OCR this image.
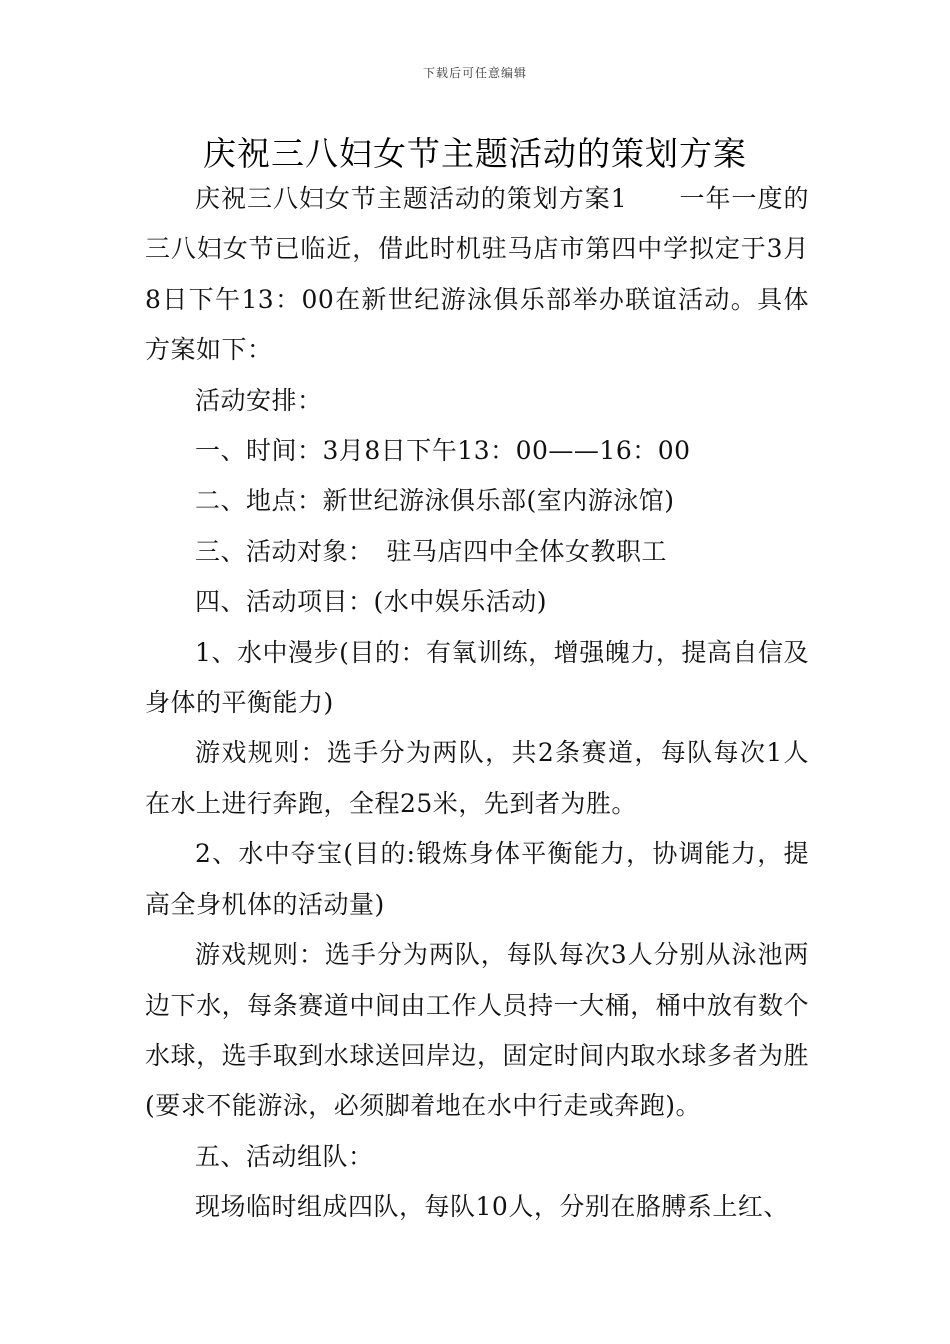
下载后可任意编辑
庆祝三八妇女节主题活动的策划方案

庆祝三八妇女节主题活动的策划方案1　　一年一度的三八妇女节已临近，借此时机驻马店市第四中学拟定于3月8日下午13：00在新世纪游泳俱乐部举办联谊活动。具体方案如下：

活动安排：

一、时间：3月8日下午13：00——16：00

二、地点：新世纪游泳俱乐部(室内游泳馆)

三、活动对象：　驻马店四中全体女教职工

四、活动项目：(水中娱乐活动)

1、水中漫步(目的：有氧训练，增强魄力，提高自信及身体的平衡能力)

游戏规则：选手分为两队，共2条赛道，每队每次1人在水上进行奔跑，全程25米，先到者为胜。

2、水中夺宝(目的:锻炼身体平衡能力，协调能力，提高全身机体的活动量)

游戏规则：选手分为两队，每队每次3人分别从泳池两边下水，每条赛道中间由工作人员持一大桶，桶中放有数个水球，选手取到水球送回岸边，固定时间内取水球多者为胜(要求不能游泳，必须脚着地在水中行走或奔跑)。

五、活动组队：

现场临时组成四队，每队10人，分别在胳膊系上红、
